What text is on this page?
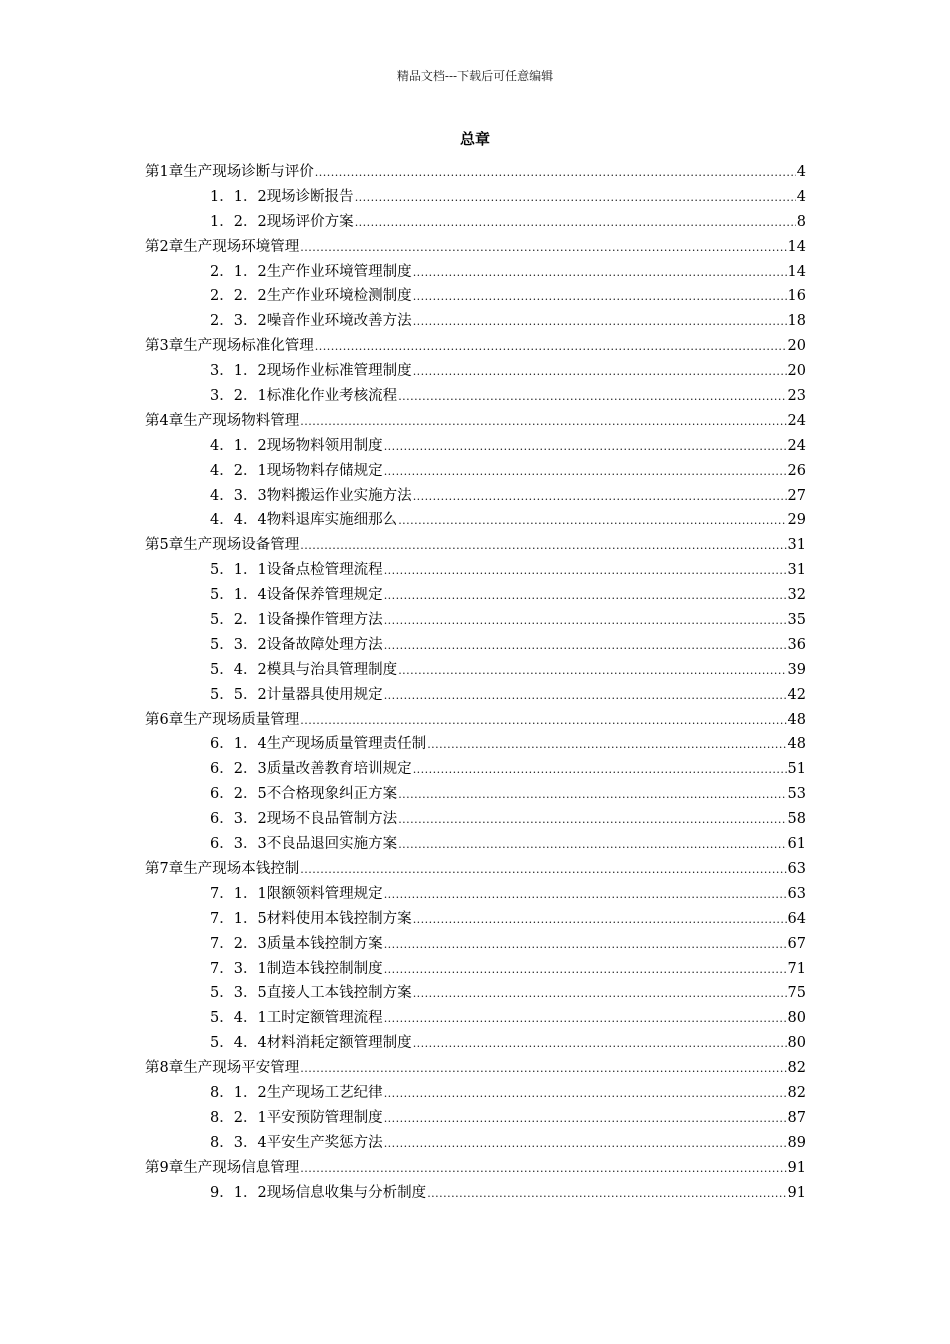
精品文档---下载后可任意编辑
总章
第1章 生产现场诊断与评价 .....	4
1．1．2 现场诊断报告 .....	4
1．2．2 现场评价方案 .....	8
第2章 生产现场环境管理 .....	14
2．1．2 生产作业环境管理制度 .....	14
2．2．2 生产作业环境检测制度 .....	16
2．3．2 噪音作业环境改善方法 .....	18
第3章 生产现场标准化管理 .....	20
3．1．2 现场作业标准管理制度 .....	20
3．2．1 标准化作业考核流程 .....	23
第4章 生产现场物料管理 .....	24
4．1．2 现场物料领用制度 .....	24
4．2．1 现场物料存储规定 .....	26
4．3．3 物料搬运作业实施方法 .....	27
4．4．4 物料退库实施细那么 .....	29
第5章 生产现场设备管理 .....	31
5．1．1 设备点检管理流程 .....	31
5．1．4 设备保养管理规定 .....	32
5．2．1 设备操作管理方法 .....	35
5．3．2 设备故障处理方法 .....	36
5．4．2 模具与治具管理制度 .....	39
5．5．2 计量器具使用规定 .....	42
第6章 生产现场质量管理 .....	48
6．1．4 生产现场质量管理责任制 .....	48
6．2．3 质量改善教育培训规定 .....	51
6．2．5 不合格现象纠正方案 .....	53
6．3．2 现场不良品管制方法 .....	58
6．3．3 不良品退回实施方案 .....	61
第7章 生产现场本钱控制 .....	63
7．1．1 限额领料管理规定 .....	63
7．1．5 材料使用本钱控制方案 .....	64
7．2．3 质量本钱控制方案 .....	67
7．3．1 制造本钱控制制度 .....	71
5．3．5 直接人工本钱控制方案 .....	75
5．4．1 工时定额管理流程 .....	80
5．4．4 材料消耗定额管理制度 .....	80
第8章 生产现场平安管理 .....	82
8．1．2 生产现场工艺纪律 .....	82
8．2．1 平安预防管理制度 .....	87
8．3．4 平安生产奖惩方法 .....	89
第9章 生产现场信息管理 .....	91
9．1．2 现场信息收集与分析制度 .....	91
